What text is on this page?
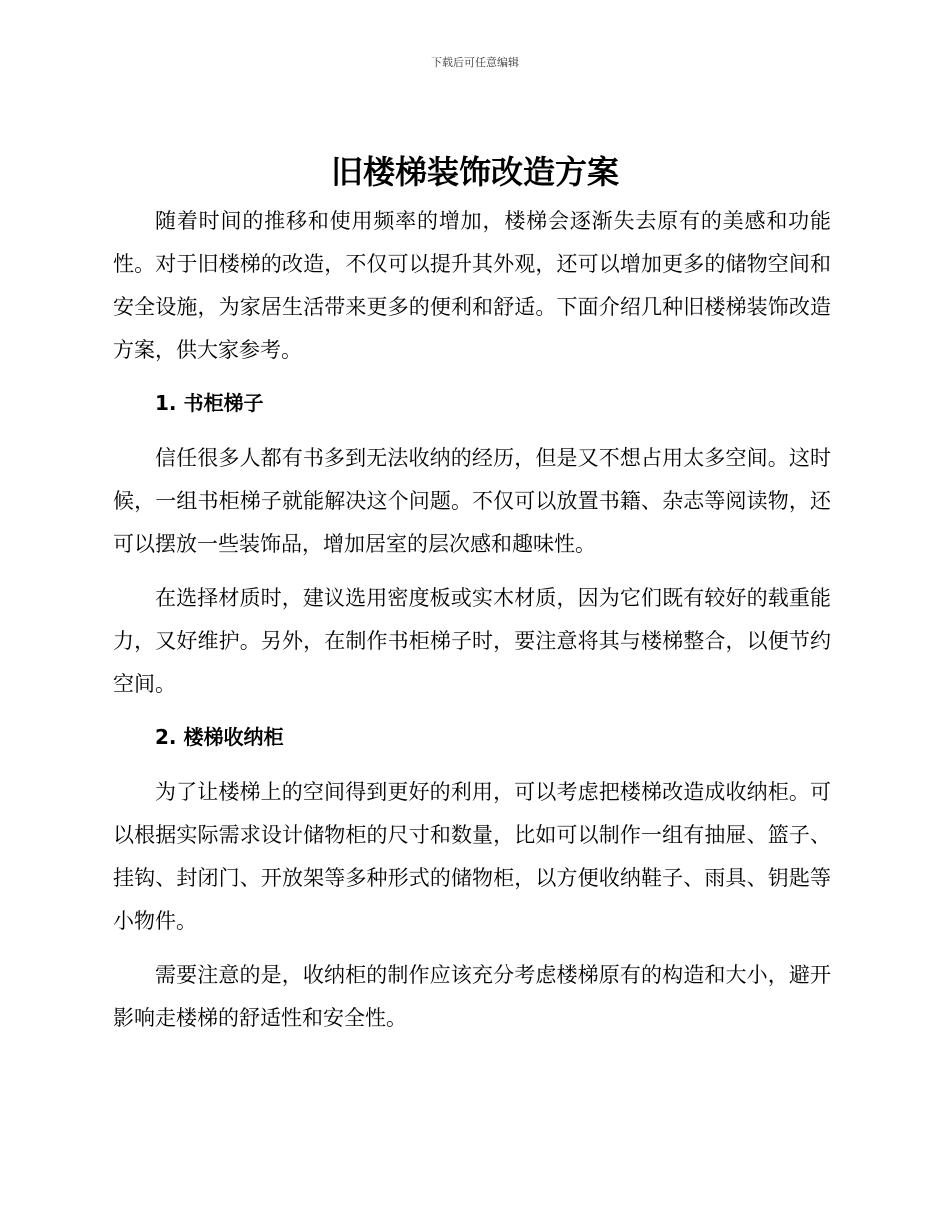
下载后可任意编辑
旧楼梯装饰改造方案

随着时间的推移和使用频率的增加，楼梯会逐渐失去原有的美感和功能性。对于旧楼梯的改造，不仅可以提升其外观，还可以增加更多的储物空间和安全设施，为家居生活带来更多的便利和舒适。下面介绍几种旧楼梯装饰改造方案，供大家参考。

1. 书柜梯子

信任很多人都有书多到无法收纳的经历，但是又不想占用太多空间。这时候，一组书柜梯子就能解决这个问题。不仅可以放置书籍、杂志等阅读物，还可以摆放一些装饰品，增加居室的层次感和趣味性。

在选择材质时，建议选用密度板或实木材质，因为它们既有较好的载重能力，又好维护。另外，在制作书柜梯子时，要注意将其与楼梯整合，以便节约空间。

2. 楼梯收纳柜

为了让楼梯上的空间得到更好的利用，可以考虑把楼梯改造成收纳柜。可以根据实际需求设计储物柜的尺寸和数量，比如可以制作一组有抽屉、篮子、挂钩、封闭门、开放架等多种形式的储物柜，以方便收纳鞋子、雨具、钥匙等小物件。

需要注意的是，收纳柜的制作应该充分考虑楼梯原有的构造和大小，避开影响走楼梯的舒适性和安全性。
